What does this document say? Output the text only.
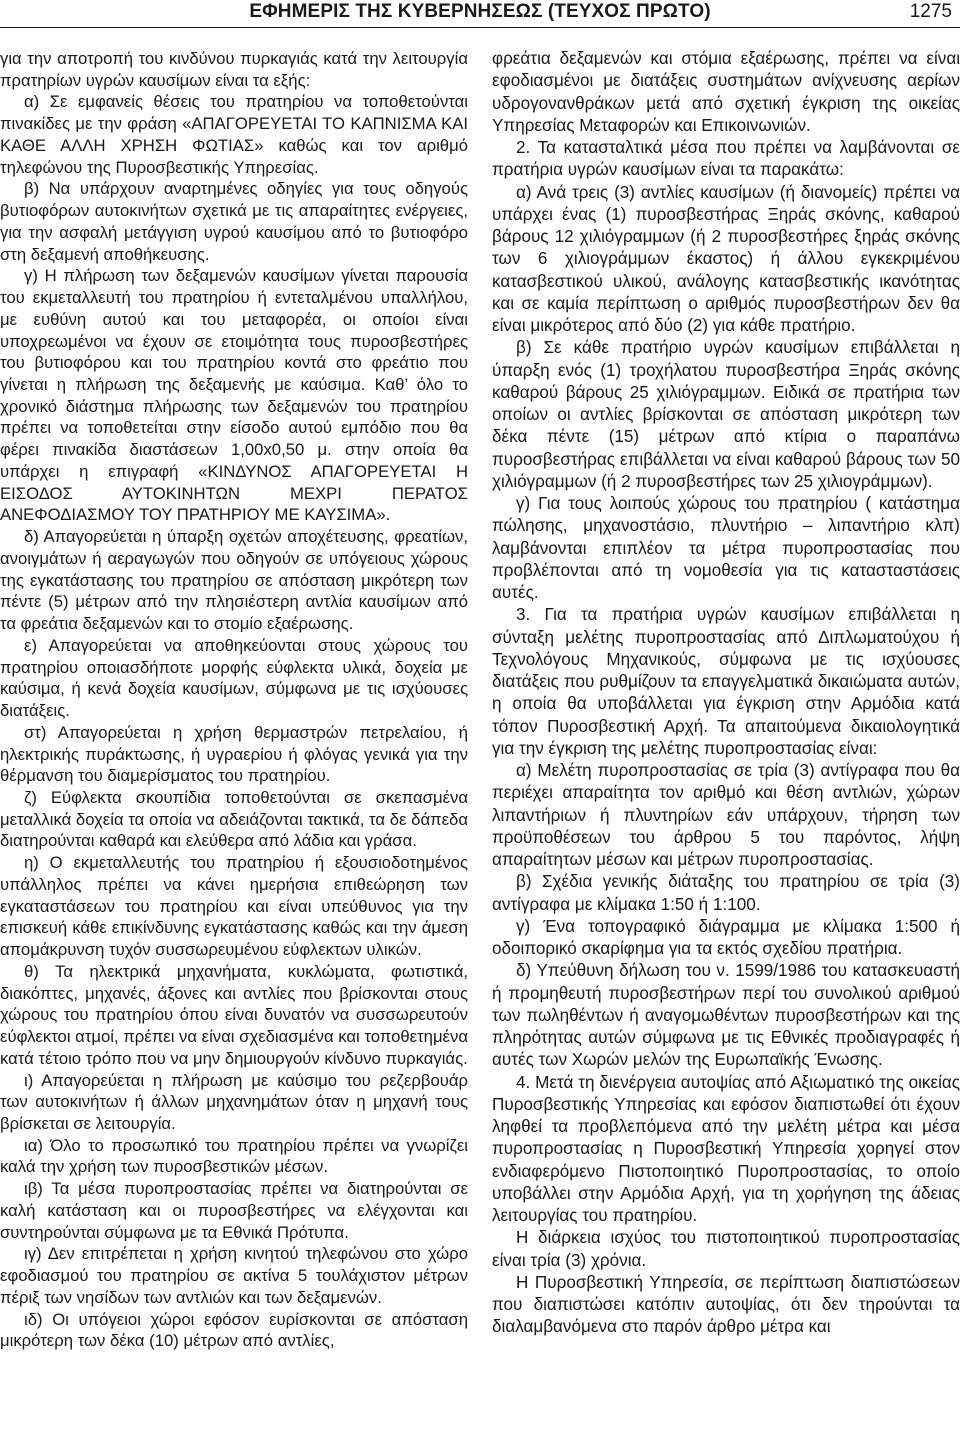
ΕΦΗΜΕΡΙΣ ΤΗΣ ΚΥΒΕΡΝΗΣΕΩΣ (ΤΕΥΧΟΣ ΠΡΩΤΟ)	1275

για την αποτροπή του κινδύνου πυρκαγιάς κατά την λειτουργία πρατηρίων υγρών καυσίμων είναι τα εξής:

α) Σε εμφανείς θέσεις του πρατηρίου να τοποθετούνται πινακίδες με την φράση «ΑΠΑΓΟΡΕΥΕΤΑΙ ΤΟ ΚΑΠΝΙΣΜΑ ΚΑΙ ΚΑΘΕ ΑΛΛΗ ΧΡΗΣΗ ΦΩΤΙΑΣ» καθώς και τον αριθμό τηλεφώνου της Πυροσβεστικής Υπηρεσίας.

β) Να υπάρχουν αναρτημένες οδηγίες για τους οδηγούς βυτιοφόρων αυτοκινήτων σχετικά με τις απαραίτητες ενέργειες, για την ασφαλή μετάγγιση υγρού καυσίμου από το βυτιοφόρο στη δεξαμενή αποθήκευσης.

γ) Η πλήρωση των δεξαμενών καυσίμων γίνεται παρουσία του εκμεταλλευτή του πρατηρίου ή εντεταλμένου υπαλλήλου, με ευθύνη αυτού και του μεταφορέα, οι οποίοι είναι υποχρεωμένοι να έχουν σε ετοιμότητα τους πυροσβεστήρες του βυτιοφόρου και του πρατηρίου κοντά στο φρεάτιο που γίνεται η πλήρωση της δεξαμενής με καύσιμα. Καθ’ όλο το χρονικό διάστημα πλήρωσης των δεξαμενών του πρατηρίου πρέπει να τοποθετείται στην είσοδο αυτού εμπόδιο που θα φέρει πινακίδα διαστάσεων 1,00x0,50 μ. στην οποία θα υπάρχει η επιγραφή «ΚΙΝΔΥΝΟΣ ΑΠΑΓΟΡΕΥΕΤΑΙ Η ΕΙΣΟΔΟΣ ΑΥΤΟΚΙΝΗΤΩΝ ΜΕΧΡΙ ΠΕΡΑΤΟΣ ΑΝΕΦΟΔΙΑΣΜΟΥ ΤΟΥ ΠΡΑΤΗΡΙΟΥ ΜΕ ΚΑΥΣΙΜΑ».

δ) Απαγορεύεται η ύπαρξη οχετών αποχέτευσης, φρεατίων, ανοιγμάτων ή αεραγωγών που οδηγούν σε υπόγειους χώρους της εγκατάστασης του πρατηρίου σε απόσταση μικρότερη των πέντε (5) μέτρων από την πλησιέστερη αντλία καυσίμων από τα φρεάτια δεξαμενών και το στομίο εξαέρωσης.

ε) Απαγορεύεται να αποθηκεύονται στους χώρους του πρατηρίου οποιασδήποτε μορφής εύφλεκτα υλικά, δοχεία με καύσιμα, ή κενά δοχεία καυσίμων, σύμφωνα με τις ισχύουσες διατάξεις.

στ) Απαγορεύεται η χρήση θερμαστρών πετρελαίου, ή ηλεκτρικής πυράκτωσης, ή υγραερίου ή φλόγας γενικά για την θέρμανση του διαμερίσματος του πρατηρίου.

ζ) Εύφλεκτα σκουπίδια τοποθετούνται σε σκεπασμένα μεταλλικά δοχεία τα οποία να αδειάζονται τακτικά, τα δε δάπεδα διατηρούνται καθαρά και ελεύθερα από λάδια και γράσα.

η) Ο εκμεταλλευτής του πρατηρίου ή εξουσιοδοτημένος υπάλληλος πρέπει να κάνει ημερήσια επιθεώρηση των εγκαταστάσεων του πρατηρίου και είναι υπεύθυνος για την επισκευή κάθε επικίνδυνης εγκατάστασης καθώς και την άμεση απομάκρυνση τυχόν συσσωρευμένου εύφλεκτων υλικών.

θ) Τα ηλεκτρικά μηχανήματα, κυκλώματα, φωτιστικά, διακόπτες, μηχανές, άξονες και αντλίες που βρίσκονται στους χώρους του πρατηρίου όπου είναι δυνατόν να συσσωρευτούν εύφλεκτοι ατμοί, πρέπει να είναι σχεδιασμένα και τοποθετημένα κατά τέτοιο τρόπο που να μην δημιουργούν κίνδυνο πυρκαγιάς.

ι) Απαγορεύεται η πλήρωση με καύσιμο του ρεζερβουάρ των αυτοκινήτων ή άλλων μηχανημάτων όταν η μηχανή τους βρίσκεται σε λειτουργία.

ια) Όλο το προσωπικό του πρατηρίου πρέπει να γνωρίζει καλά την χρήση των πυροσβεστικών μέσων.

ιβ) Τα μέσα πυροπροστασίας πρέπει να διατηρούνται σε καλή κατάσταση και οι πυροσβεστήρες να ελέγχονται και συντηρούνται σύμφωνα με τα Εθνικά Πρότυπα.

ιγ) Δεν επιτρέπεται η χρήση κινητού τηλεφώνου στο χώρο εφοδιασμού του πρατηρίου σε ακτίνα 5 τουλάχιστον μέτρων πέριξ των νησίδων των αντλιών και των δεξαμενών.

ιδ) Οι υπόγειοι χώροι εφόσον ευρίσκονται σε απόσταση μικρότερη των δέκα (10) μέτρων από αντλίες,

φρεάτια δεξαμενών και στόμια εξαέρωσης, πρέπει να είναι εφοδιασμένοι με διατάξεις συστημάτων ανίχνευσης αερίων υδρογονανθράκων μετά από σχετική έγκριση της οικείας Υπηρεσίας Μεταφορών και Επικοινωνιών.

2. Τα κατασταλτικά μέσα που πρέπει να λαμβάνονται σε πρατήρια υγρών καυσίμων είναι τα παρακάτω:

α) Ανά τρεις (3) αντλίες καυσίμων (ή διανομείς) πρέπει να υπάρχει ένας (1) πυροσβεστήρας Ξηράς σκόνης, καθαρού βάρους 12 χιλιόγραμμων (ή 2 πυροσβεστήρες ξηράς σκόνης των 6 χιλιογράμμων έκαστος) ή άλλου εγκεκριμένου κατασβεστικού υλικού, ανάλογης κατασβεστικής ικανότητας και σε καμία περίπτωση ο αριθμός πυροσβεστήρων δεν θα είναι μικρότερος από δύο (2) για κάθε πρατήριο.

β) Σε κάθε πρατήριο υγρών καυσίμων επιβάλλεται η ύπαρξη ενός (1) τροχήλατου πυροσβεστήρα Ξηράς σκόνης καθαρού βάρους 25 χιλιόγραμμων. Ειδικά σε πρατήρια των οποίων οι αντλίες βρίσκονται σε απόσταση μικρότερη των δέκα πέντε (15) μέτρων από κτίρια ο παραπάνω πυροσβεστήρας επιβάλλεται να είναι καθαρού βάρους των 50 χιλιόγραμμων (ή 2 πυροσβεστήρες των 25 χιλιογράμμων).

γ) Για τους λοιπούς χώρους του πρατηρίου ( κατάστημα πώλησης, μηχανοστάσιο, πλυντήριο – λιπαντήριο κλπ) λαμβάνονται επιπλέον τα μέτρα πυροπροστασίας που προβλέπονται από τη νομοθεσία για τις κατασταστάσεις αυτές.

3. Για τα πρατήρια υγρών καυσίμων επιβάλλεται η σύνταξη μελέτης πυροπροστασίας από Διπλωματούχου ή Τεχνολόγους Μηχανικούς, σύμφωνα με τις ισχύουσες διατάξεις που ρυθμίζουν τα επαγγελματικά δικαιώματα αυτών, η οποία θα υποβάλλεται για έγκριση στην Αρμόδια κατά τόπον Πυροσβεστική Αρχή. Τα απαιτούμενα δικαιολογητικά για την έγκριση της μελέτης πυροπροστασίας είναι:

α) Μελέτη πυροπροστασίας σε τρία (3) αντίγραφα που θα περιέχει απαραίτητα τον αριθμό και θέση αντλιών, χώρων λιπαντήριων ή πλυντηρίων εάν υπάρχουν, τήρηση των προϋποθέσεων του άρθρου 5 του παρόντος, λήψη απαραίτητων μέσων και μέτρων πυροπροστασίας.

β) Σχέδια γενικής διάταξης του πρατηρίου σε τρία (3) αντίγραφα με κλίμακα 1:50 ή 1:100.

γ) Ένα τοπογραφικό διάγραμμα με κλίμακα 1:500 ή οδοιπορικό σκαρίφημα για τα εκτός σχεδίου πρατήρια.

δ) Υπεύθυνη δήλωση του ν. 1599/1986 του κατασκευαστή ή προμηθευτή πυροσβεστήρων περί του συνολικού αριθμού των πωληθέντων ή αναγομωθέντων πυροσβεστήρων και της πληρότητας αυτών σύμφωνα με τις Εθνικές προδιαγραφές ή αυτές των Χωρών μελών της Ευρωπαϊκής Ένωσης.

4. Μετά τη διενέργεια αυτοψίας από Αξιωματικό της οικείας Πυροσβεστικής Υπηρεσίας και εφόσον διαπιστωθεί ότι έχουν ληφθεί τα προβλεπόμενα από την μελέτη μέτρα και μέσα πυροπροστασίας η Πυροσβεστική Υπηρεσία χορηγεί στον ενδιαφερόμενο Πιστοποιητικό Πυροπροστασίας, το οποίο υποβάλλει στην Αρμόδια Αρχή, για τη χορήγηση της άδειας λειτουργίας του πρατηρίου.

Η διάρκεια ισχύος του πιστοποιητικού πυροπροστασίας είναι τρία (3) χρόνια.

Η Πυροσβεστική Υπηρεσία, σε περίπτωση διαπιστώσεων που διαπιστώσει κατόπιν αυτοψίας, ότι δεν τηρούνται τα διαλαμβανόμενα στο παρόν άρθρο μέτρα και
